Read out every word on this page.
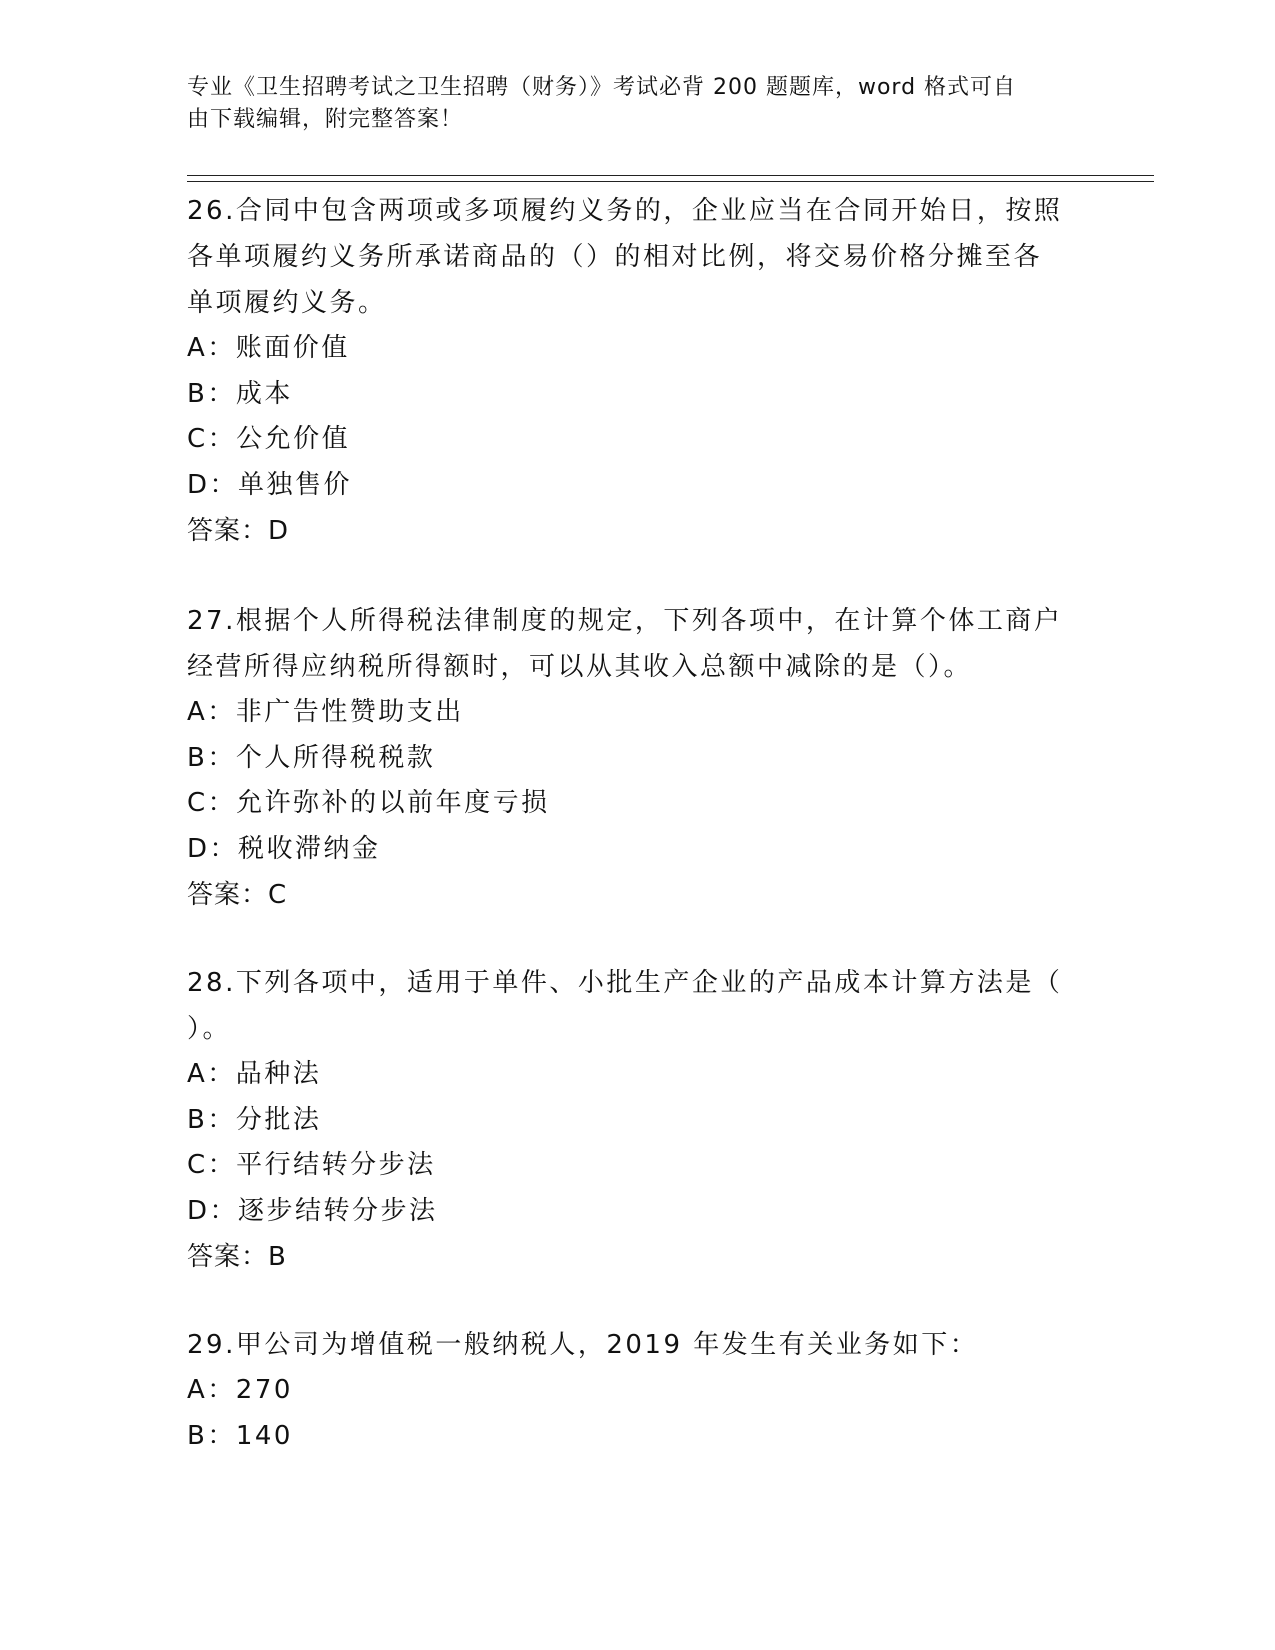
专业《卫生招聘考试之卫生招聘（财务）》考试必背 200 题题库，word 格式可自
由下载编辑，附完整答案！

26.合同中包含两项或多项履约义务的，企业应当在合同开始日，按照

各单项履约义务所承诺商品的（）的相对比例，将交易价格分摊至各

单项履约义务。

A：账面价值

B：成本

C：公允价值

D：单独售价

答案：D

27.根据个人所得税法律制度的规定，下列各项中，在计算个体工商户

经营所得应纳税所得额时，可以从其收入总额中减除的是（）。

A：非广告性赞助支出

B：个人所得税税款

C：允许弥补的以前年度亏损

D：税收滞纳金

答案：C

28.下列各项中，适用于单件、小批生产企业的产品成本计算方法是（

）。

A：品种法

B：分批法

C：平行结转分步法

D：逐步结转分步法

答案：B

29.甲公司为增值税一般纳税人，2019 年发生有关业务如下：

A：270

B：140
